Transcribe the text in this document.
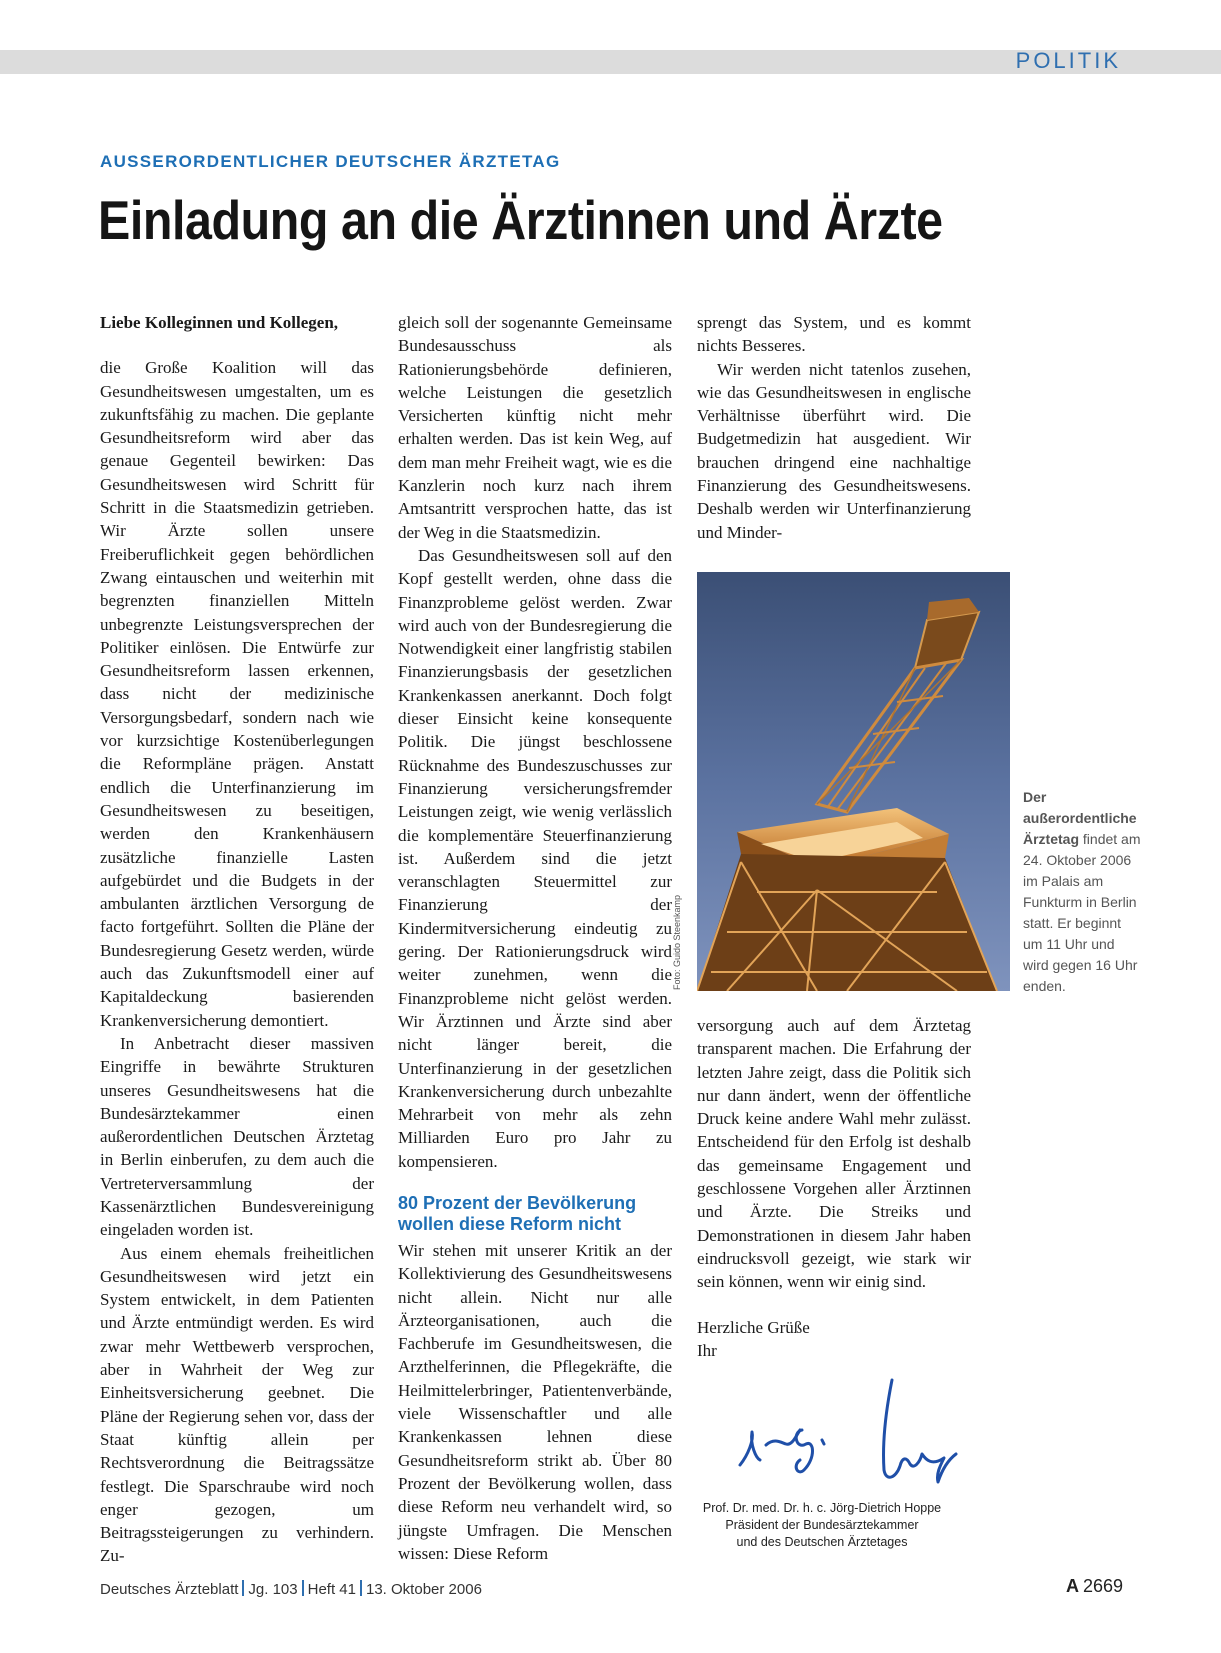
POLITIK
AUSSERORDENTLICHER DEUTSCHER ÄRZTETAG
Einladung an die Ärztinnen und Ärzte

Liebe Kolleginnen und Kollegen,

die Große Koalition will das Gesundheitswesen umgestalten, um es zukunftsfähig zu machen. Die geplante Gesundheitsreform wird aber das genaue Gegenteil bewirken: Das Gesundheitswesen wird Schritt für Schritt in die Staatsmedizin getrieben. Wir Ärzte sollen unsere Freiberuflichkeit gegen behördlichen Zwang eintauschen und weiterhin mit begrenzten finanziellen Mitteln unbegrenzte Leistungsversprechen der Politiker einlösen. Die Entwürfe zur Gesundheitsreform lassen erkennen, dass nicht der medizinische Versorgungsbedarf, sondern nach wie vor kurzsichtige Kostenüberlegungen die Reformpläne prägen. Anstatt endlich die Unterfinanzierung im Gesundheitswesen zu beseitigen, werden den Krankenhäusern zusätzliche finanzielle Lasten aufgebürdet und die Budgets in der ambulanten ärztlichen Versorgung de facto fortgeführt. Sollten die Pläne der Bundesregierung Gesetz werden, würde auch das Zukunftsmodell einer auf Kapitaldeckung basierenden Krankenversicherung demontiert.

In Anbetracht dieser massiven Eingriffe in bewährte Strukturen unseres Gesundheitswesens hat die Bundesärztekammer einen außerordentlichen Deutschen Ärztetag in Berlin einberufen, zu dem auch die Vertreterversammlung der Kassenärztlichen Bundesvereinigung eingeladen worden ist.

Aus einem ehemals freiheitlichen Gesundheitswesen wird jetzt ein System entwickelt, in dem Patienten und Ärzte entmündigt werden. Es wird zwar mehr Wettbewerb versprochen, aber in Wahrheit der Weg zur Einheitsversicherung geebnet. Die Pläne der Regierung sehen vor, dass der Staat künftig allein per Rechtsverordnung die Beitragssätze festlegt. Die Sparschraube wird noch enger gezogen, um Beitragssteigerungen zu verhindern. Zu-

gleich soll der sogenannte Gemeinsame Bundesausschuss als Rationierungsbehörde definieren, welche Leistungen die gesetzlich Versicherten künftig nicht mehr erhalten werden. Das ist kein Weg, auf dem man mehr Freiheit wagt, wie es die Kanzlerin noch kurz nach ihrem Amtsantritt versprochen hatte, das ist der Weg in die Staatsmedizin.

Das Gesundheitswesen soll auf den Kopf gestellt werden, ohne dass die Finanzprobleme gelöst werden. Zwar wird auch von der Bundesregierung die Notwendigkeit einer langfristig stabilen Finanzierungsbasis der gesetzlichen Krankenkassen anerkannt. Doch folgt dieser Einsicht keine konsequente Politik. Die jüngst beschlossene Rücknahme des Bundeszuschusses zur Finanzierung versicherungsfremder Leistungen zeigt, wie wenig verlässlich die komplementäre Steuerfinanzierung ist. Außerdem sind die jetzt veranschlagten Steuermittel zur Finanzierung der Kindermitversicherung eindeutig zu gering. Der Rationierungsdruck wird weiter zunehmen, wenn die Finanzprobleme nicht gelöst werden. Wir Ärztinnen und Ärzte sind aber nicht länger bereit, die Unterfinanzierung in der gesetzlichen Krankenversicherung durch unbezahlte Mehrarbeit von mehr als zehn Milliarden Euro pro Jahr zu kompensieren.

80 Prozent der Bevölkerung wollen diese Reform nicht

Wir stehen mit unserer Kritik an der Kollektivierung des Gesundheitswesens nicht allein. Nicht nur alle Ärzteorganisationen, auch die Fachberufe im Gesundheitswesen, die Arzthelferinnen, die Pflegekräfte, die Heilmittelerbringer, Patientenverbände, viele Wissenschaftler und alle Krankenkassen lehnen diese Gesundheitsreform strikt ab. Über 80 Prozent der Bevölkerung wollen, dass diese Reform neu verhandelt wird, so jüngste Umfragen. Die Menschen wissen: Diese Reform

sprengt das System, und es kommt nichts Besseres.

Wir werden nicht tatenlos zusehen, wie das Gesundheitswesen in englische Verhältnisse überführt wird. Die Budgetmedizin hat ausgedient. Wir brauchen dringend eine nachhaltige Finanzierung des Gesundheitswesens. Deshalb werden wir Unterfinanzierung und Minder-

Foto: Guido Steenkamp
Der außerordentliche Ärztetag findet am 24. Oktober 2006 im Palais am Funkturm in Berlin statt. Er beginnt um 11 Uhr und wird gegen 16 Uhr enden.

versorgung auch auf dem Ärztetag transparent machen. Die Erfahrung der letzten Jahre zeigt, dass die Politik sich nur dann ändert, wenn der öffentliche Druck keine andere Wahl mehr zulässt. Entscheidend für den Erfolg ist deshalb das gemeinsame Engagement und geschlossene Vorgehen aller Ärztinnen und Ärzte. Die Streiks und Demonstrationen in diesem Jahr haben eindrucksvoll gezeigt, wie stark wir sein können, wenn wir einig sind.

Herzliche Grüße

Ihr

Prof. Dr. med. Dr. h. c. Jörg-Dietrich Hoppe
Präsident der Bundesärztekammer
und des Deutschen Ärztetages
Deutsches Ärzteblatt Jg. 103 Heft 41 13. Oktober 2006	A 2669
